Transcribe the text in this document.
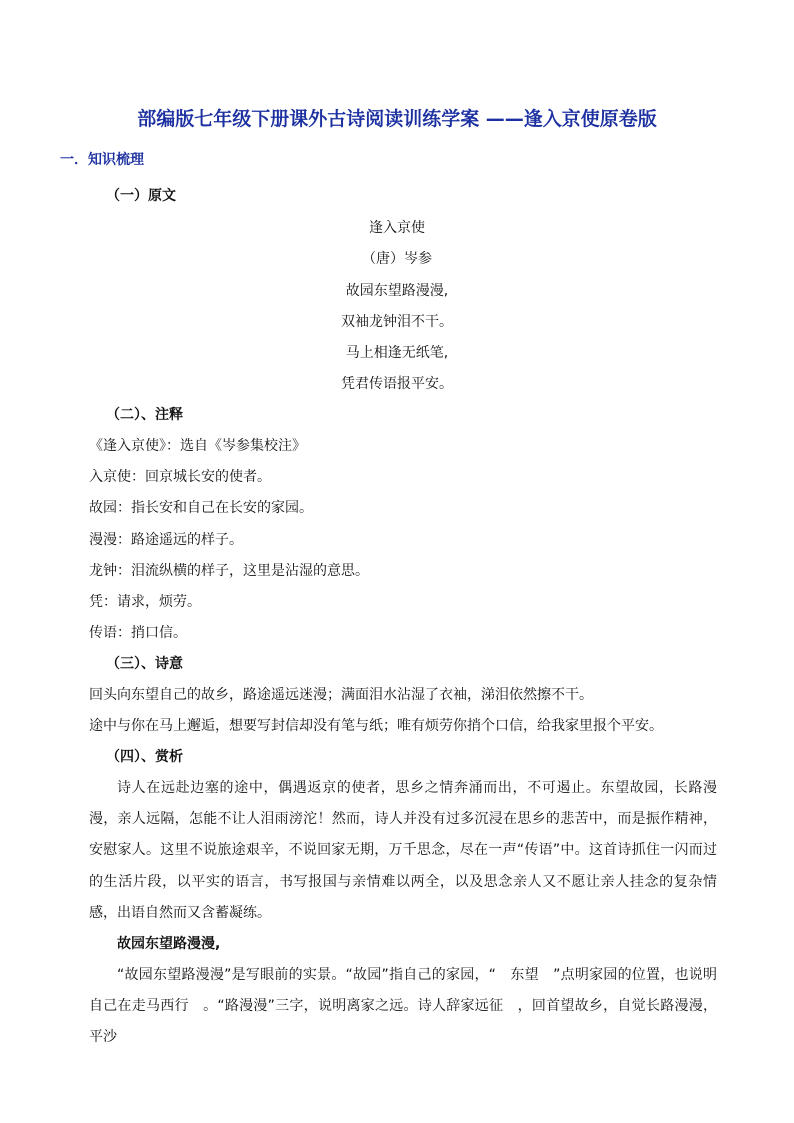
部编版七年级下册课外古诗阅读训练学案 ——逢入京使原卷版
一．知识梳理
（一）原文
逢入京使
（唐）岑参
故园东望路漫漫,
双袖龙钟泪不干。
马上相逢无纸笔,
凭君传语报平安。
（二）、注释
《逢入京使》：选自《岑参集校注》
入京使：回京城长安的使者。
故园：指长安和自己在长安的家园。
漫漫：路途遥远的样子。
龙钟：泪流纵横的样子，这里是沾湿的意思。
凭：请求，烦劳。
传语：捎口信。
（三）、诗意
回头向东望自己的故乡，路途遥远迷漫；满面泪水沾湿了衣袖，涕泪依然擦不干。
途中与你在马上邂逅，想要写封信却没有笔与纸；唯有烦劳你捎个口信，给我家里报个平安。
（四）、赏析
诗人在远赴边塞的途中，偶遇返京的使者，思乡之情奔涌而出，不可遏止。东望故园，长路漫漫，亲人远隔，怎能不让人泪雨滂沱！然而，诗人并没有过多沉浸在思乡的悲苦中，而是振作精神，安慰家人。这里不说旅途艰辛，不说回家无期，万千思念，尽在一声“传语”中。这首诗抓住一闪而过的生活片段，以平实的语言，书写报国与亲情难以两全，以及思念亲人又不愿让亲人挂念的复杂情感，出语自然而又含蓄凝练。
故园东望路漫漫,
“故园东望路漫漫”是写眼前的实景。“故园”指自己的家园，“　东望　”点明家园的位置，也说明自己在走马西行　。“路漫漫”三字，说明离家之远。诗人辞家远征　，回首望故乡，自觉长路漫漫，平沙
